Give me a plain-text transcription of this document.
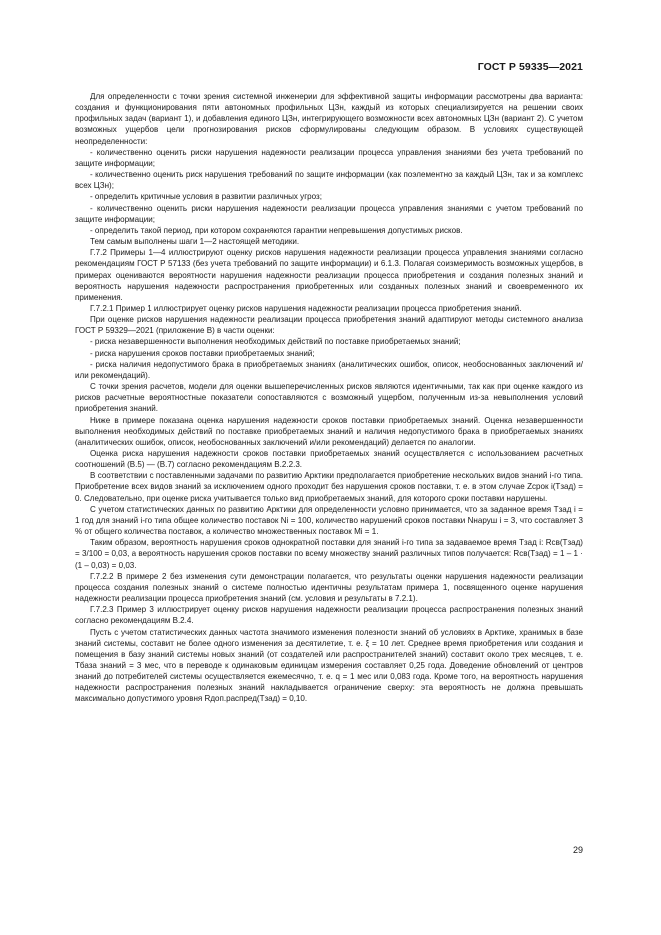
ГОСТ Р 59335—2021

Для определенности с точки зрения системной инженерии для эффективной защиты информации рассмотрены два варианта: создания и функционирования пяти автономных профильных ЦЗн, каждый из которых специализируется на решении своих профильных задач (вариант 1), и добавления единого ЦЗн, интегрирующего возможности всех автономных ЦЗн (вариант 2). С учетом возможных ущербов цели прогнозирования рисков сформулированы следующим образом. В условиях существующей неопределенности:

- количественно оценить риски нарушения надежности реализации процесса управления знаниями без учета требований по защите информации;

- количественно оценить риск нарушения требований по защите информации (как поэлементно за каждый ЦЗн, так и за комплекс всех ЦЗн);

- определить критичные условия в развитии различных угроз;

- количественно оценить риски нарушения надежности реализации процесса управления знаниями с учетом требований по защите информации;

- определить такой период, при котором сохраняются гарантии непревышения допустимых рисков.

Тем самым выполнены шаги 1—2 настоящей методики.

Г.7.2 Примеры 1—4 иллюстрируют оценку рисков нарушения надежности реализации процесса управления знаниями согласно рекомендациям ГОСТ Р 57133 (без учета требований по защите информации) и 6.1.3. Полагая соизмеримость возможных ущербов, в примерах оцениваются вероятности нарушения надежности реализации процесса приобретения и создания полезных знаний и вероятность нарушения надежности распространения приобретенных или созданных полезных знаний и своевременного их применения.

Г.7.2.1 Пример 1 иллюстрирует оценку рисков нарушения надежности реализации процесса приобретения знаний.

При оценке рисков нарушения надежности реализации процесса приобретения знаний адаптируют методы системного анализа ГОСТ Р 59329—2021 (приложение В) в части оценки:

- риска незавершенности выполнения необходимых действий по поставке приобретаемых знаний;

- риска нарушения сроков поставки приобретаемых знаний;

- риска наличия недопустимого брака в приобретаемых знаниях (аналитических ошибок, описок, необоснованных заключений и/или рекомендаций).

С точки зрения расчетов, модели для оценки вышеперечисленных рисков являются идентичными, так как при оценке каждого из рисков расчетные вероятностные показатели сопоставляются с возможный ущербом, полученным из-за невыполнения условий приобретения знаний.

Ниже в примере показана оценка нарушения надежности сроков поставки приобретаемых знаний. Оценка незавершенности выполнения необходимых действий по поставке приобретаемых знаний и наличия недопустимого брака в приобретаемых знаниях (аналитических ошибок, описок, необоснованных заключений и/или рекомендаций) делается по аналогии.

Оценка риска нарушения надежности сроков поставки приобретаемых знаний осуществляется с использованием расчетных соотношений (В.5) — (В.7) согласно рекомендациям В.2.2.3.

В соответствии с поставленными задачами по развитию Арктики предполагается приобретение нескольких видов знаний i-го типа. Приобретение всех видов знаний за исключением одного проходит без нарушения сроков поставки, т. е. в этом случае Zсрок i(Tзад) = 0. Следовательно, при оценке риска учитывается только вид приобретаемых знаний, для которого сроки поставки нарушены.

С учетом статистических данных по развитию Арктики для определенности условно принимается, что за заданное время Tзад i = 1 год для знаний i-го типа общее количество поставок Ni = 100, количество нарушений сроков поставки Nнаруш i = 3, что составляет 3 % от общего количества поставок, а количество множественных поставок Mi = 1.

Таким образом, вероятность нарушения сроков однократной поставки для знаний i-го типа за задаваемое время Tзад i: Rсв(Tзад) = 3/100 = 0,03, а вероятность нарушения сроков поставки по всему множеству знаний различных типов получается: Rсв(Tзад) = 1 – 1 · (1 – 0,03) = 0,03.

Г.7.2.2 В примере 2 без изменения сути демонстрации полагается, что результаты оценки нарушения надежности реализации процесса создания полезных знаний о системе полностью идентичны результатам примера 1, посвященного оценке нарушения надежности реализации процесса приобретения знаний (см. условия и результаты в 7.2.1).

Г.7.2.3 Пример 3 иллюстрирует оценку рисков нарушения надежности реализации процесса распространения полезных знаний согласно рекомендациям В.2.4.

Пусть с учетом статистических данных частота значимого изменения полезности знаний об условиях в Арктике, хранимых в базе знаний системы, составит не более одного изменения за десятилетие, т. е. ξ = 10 лет. Среднее время приобретения или создания и помещения в базу знаний системы новых знаний (от создателей или распространителей знаний) составит около трех месяцев, т. е. Tбаза знаний = 3 мес, что в переводе к одинаковым единицам измерения составляет 0,25 года. Доведение обновлений от центров знаний до потребителей системы осуществляется ежемесячно, т. е. q = 1 мес или 0,083 года. Кроме того, на вероятность нарушения надежности распространения полезных знаний накладывается ограничение сверху: эта вероятность не должна превышать максимально допустимого уровня Rдоп.распред(Tзад) = 0,10.

29
